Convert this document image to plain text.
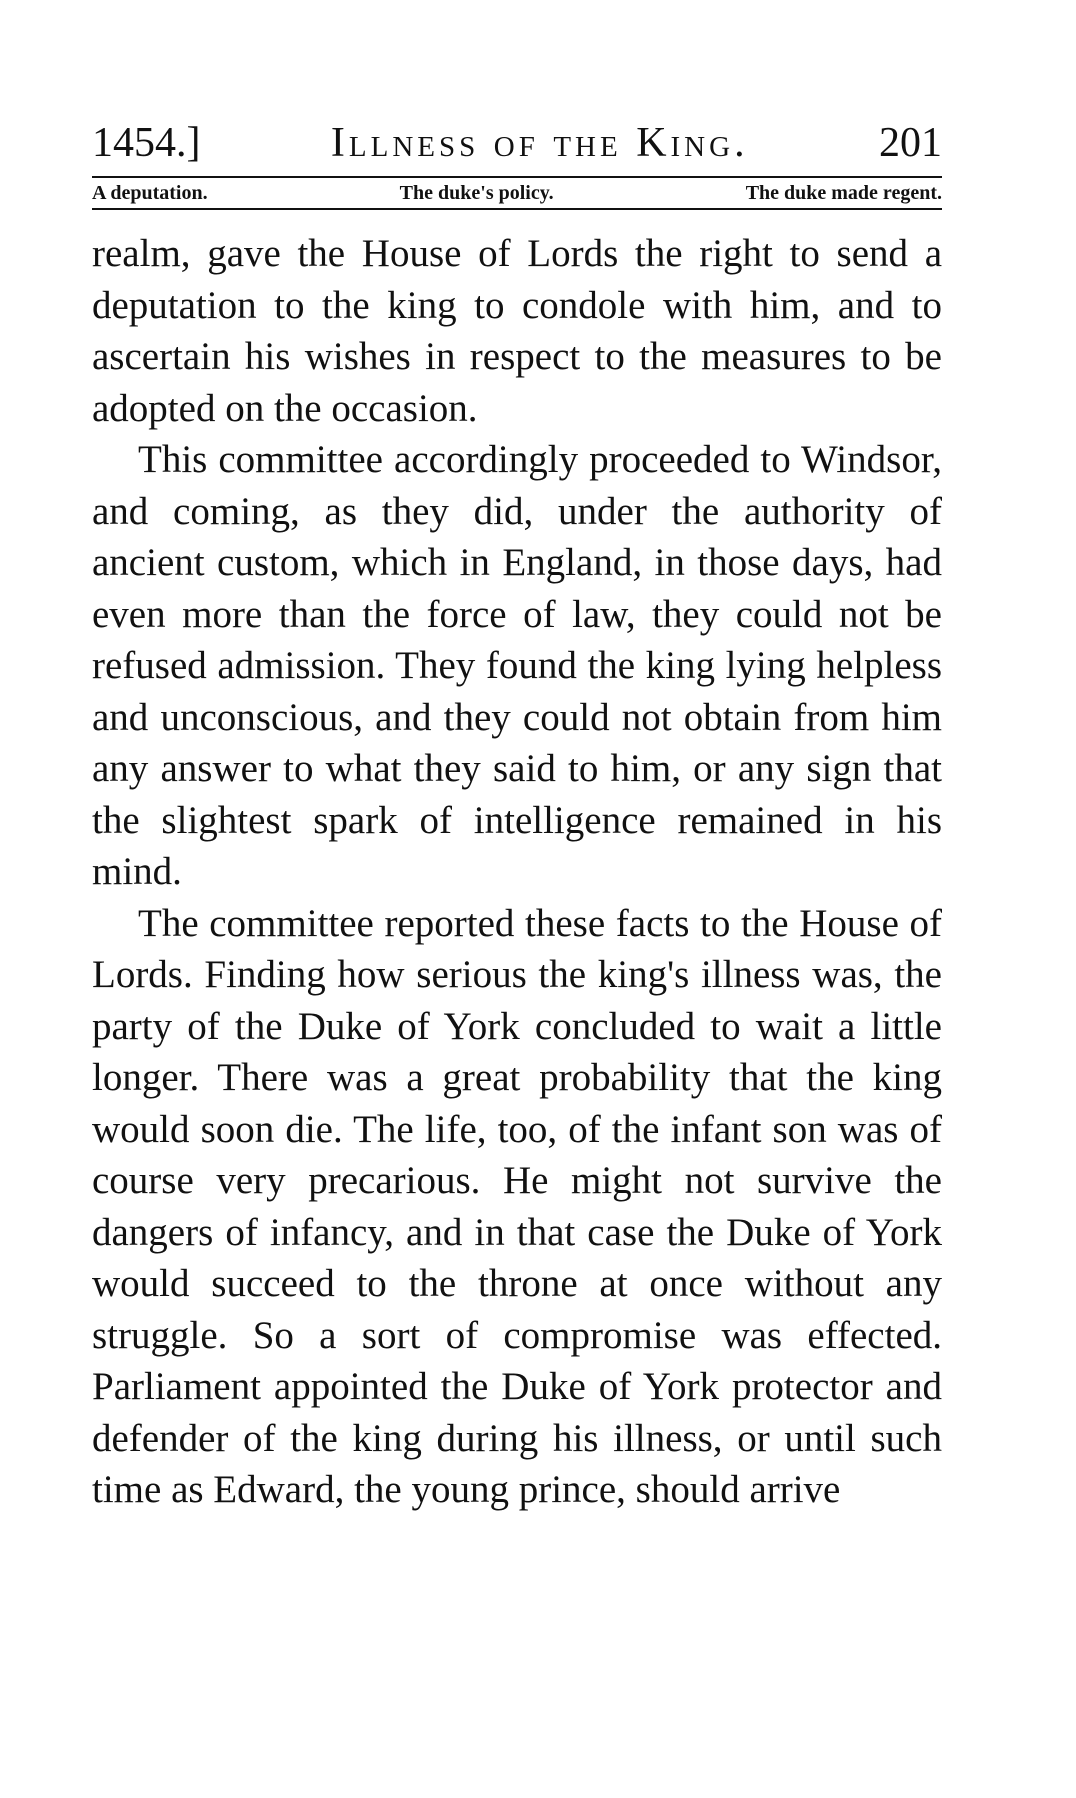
1454.]	Illness of the King.	201
A deputation.	The duke's policy.	The duke made regent.

realm, gave the House of Lords the right to send a deputation to the king to condole with him, and to ascertain his wishes in respect to the measures to be adopted on the occasion.

This committee accordingly proceeded to Windsor, and coming, as they did, under the authority of ancient custom, which in England, in those days, had even more than the force of law, they could not be refused admission. They found the king lying helpless and unconscious, and they could not obtain from him any answer to what they said to him, or any sign that the slightest spark of intelligence remained in his mind.

The committee reported these facts to the House of Lords. Finding how serious the king's illness was, the party of the Duke of York concluded to wait a little longer. There was a great probability that the king would soon die. The life, too, of the infant son was of course very precarious. He might not survive the dangers of infancy, and in that case the Duke of York would succeed to the throne at once without any struggle. So a sort of compromise was effected. Parliament appointed the Duke of York protector and defender of the king during his illness, or until such time as Edward, the young prince, should arrive
